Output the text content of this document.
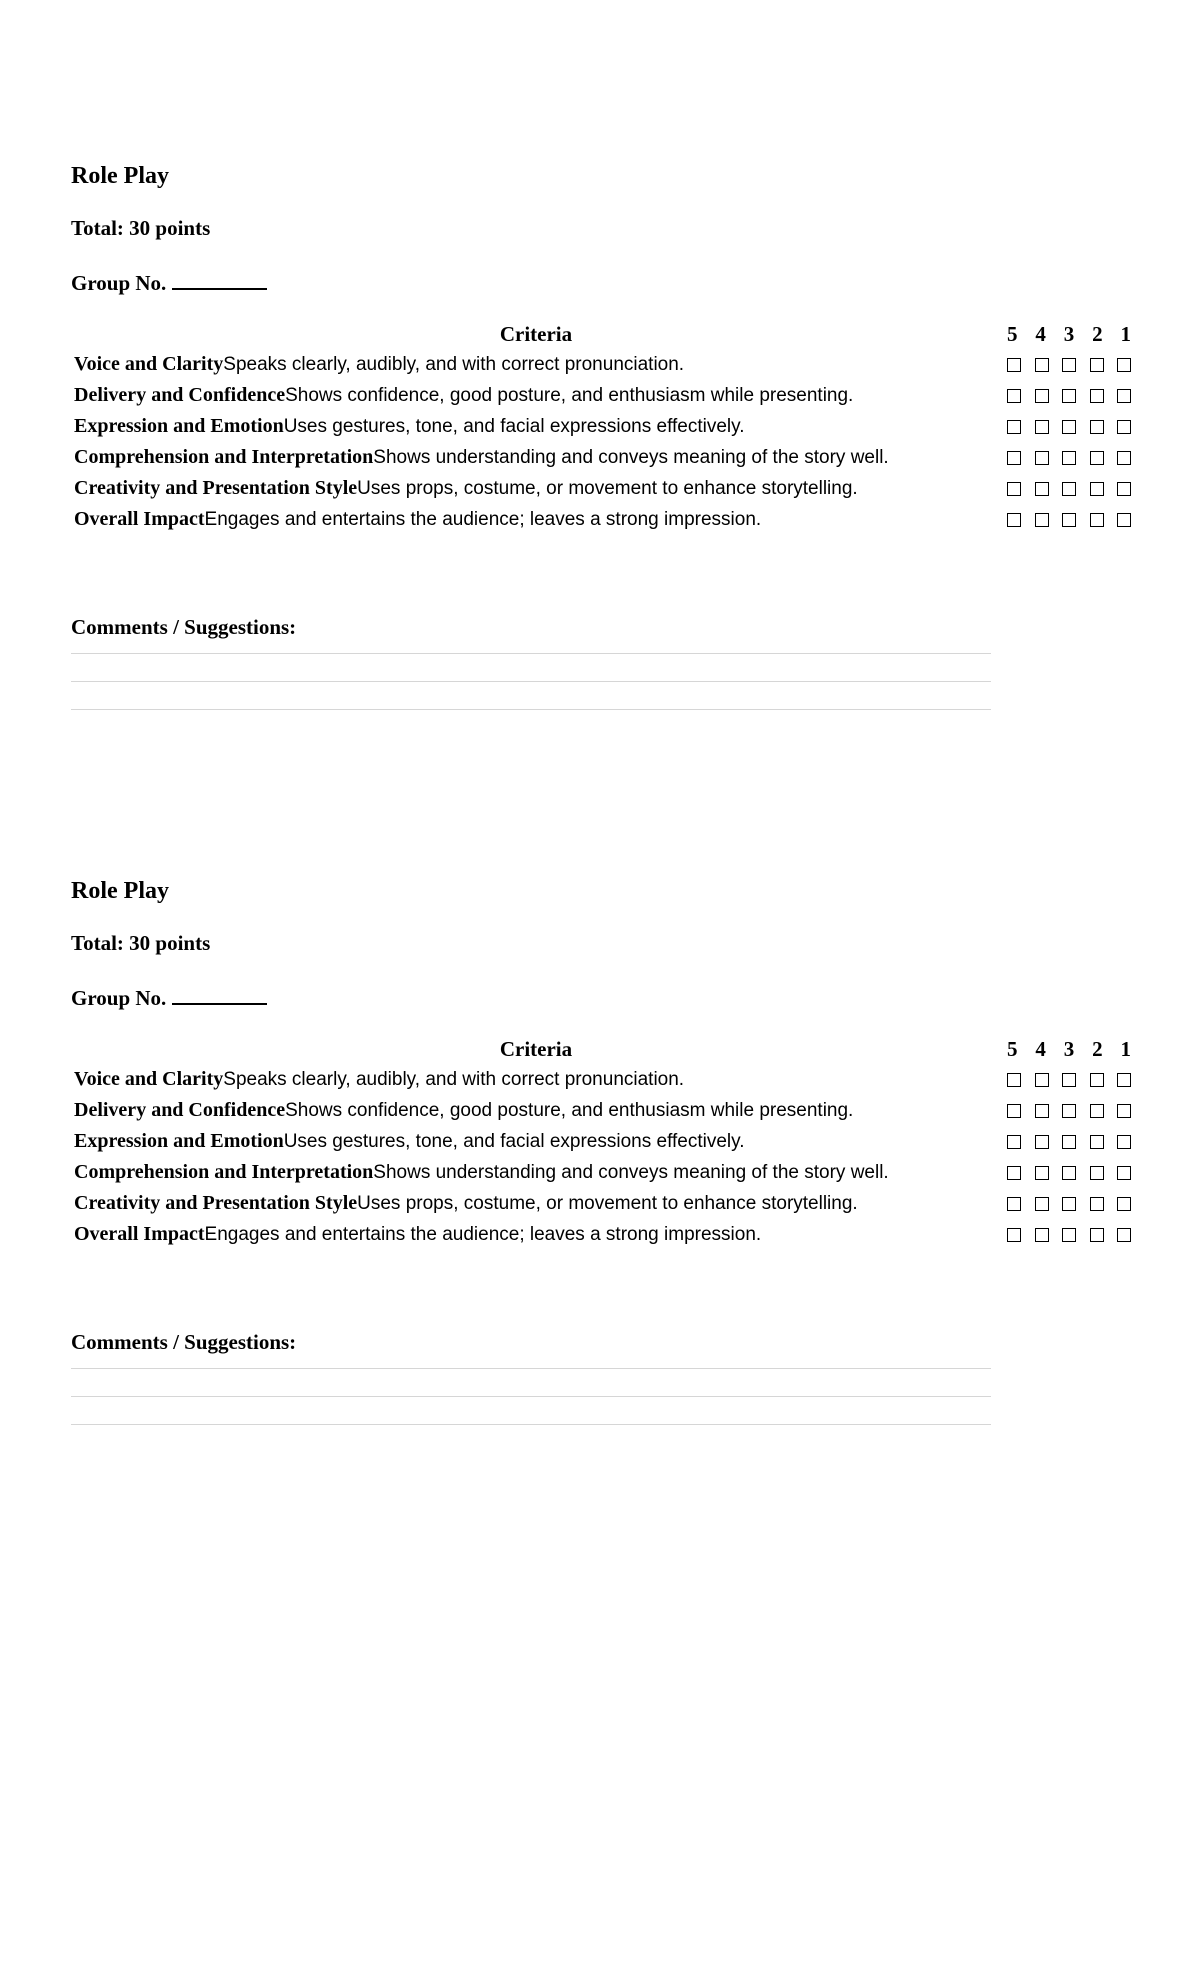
Role Play
Total: 30 points
Group No.
Criteria	5 4 3 2 1
Voice and ClaritySpeaks clearly, audibly, and with correct pronunciation.
Delivery and ConfidenceShows confidence, good posture, and enthusiasm while presenting.
Expression and EmotionUses gestures, tone, and facial expressions effectively.
Comprehension and InterpretationShows understanding and conveys meaning of the story well.
Creativity and Presentation StyleUses props, costume, or movement to enhance storytelling.
Overall ImpactEngages and entertains the audience; leaves a strong impression.
Comments / Suggestions:
Role Play
Total: 30 points
Group No.
Criteria	5 4 3 2 1
Voice and ClaritySpeaks clearly, audibly, and with correct pronunciation.
Delivery and ConfidenceShows confidence, good posture, and enthusiasm while presenting.
Expression and EmotionUses gestures, tone, and facial expressions effectively.
Comprehension and InterpretationShows understanding and conveys meaning of the story well.
Creativity and Presentation StyleUses props, costume, or movement to enhance storytelling.
Overall ImpactEngages and entertains the audience; leaves a strong impression.
Comments / Suggestions:
